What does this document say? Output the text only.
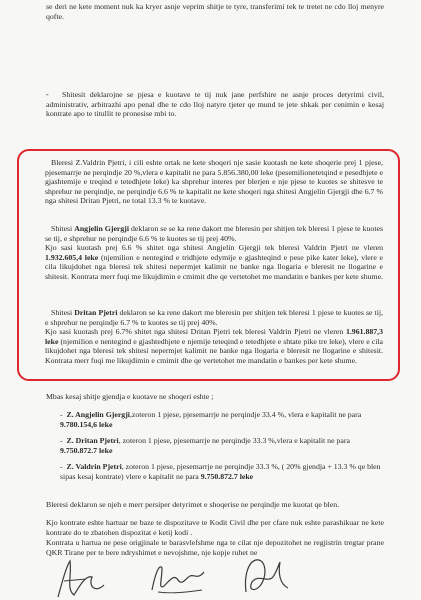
se deri ne kete moment nuk ka kryer asnje veprim shitje te tyre, transferimi tek te tretet ne cdo lloj menyre qofte.

-	Shitesit deklarojne se pjesa e kuotave te tij nuk jane perfshire ne asnje proces detyrimi civil, administrativ, arbitrazhi apo penal dhe te cdo lloj natyre tjeter qe mund te jete shkak per cenimin e kesaj kontrate apo te titullit te pronesise mbi to.

Bleresi Z.Valdrin Pjetri, i cili eshte ortak ne kete shoqeri nje sasie kuotash ne kete shoqerie prej 1 pjese, pjesemarrje ne perqindje 20 %,vlera e kapitalit ne para 5.856.380,00 leke (pesemilionetetqind e pesedhjete e gjashtemije e treqind e tetedhjete leke) ka shprehur interes per blerjen e nje pjese te kuotes se shitesve te shprehur ne perqindje, ne perqindje 6.6 % te kapitalit ne kete shoqeri nga shitesi Angjelin Gjergji dhe 6.7 % nga shitesi Dritan Pjetri, ne total 13.3 % te kuotave.

Shitesi Angjelin Gjergji deklaron se se ka rene dakort me bleresin per shitjen tek bleresi 1 pjese te kuotes se tij, e shprehur ne perqindje 6.6 % te kuotes se tij prej 40%.
Kjo sasi kuotash prej 6.6 % shitet nga shitesi Angjelin Gjergji tek bleresi Valdrin Pjetri ne vleren 1.932.605,4 leke (njemilion e nentegind e tridhjete edymije e gjashteqind e pese pike kater leke), vlere e cila likujdohet nga bleresi tek shitesi nepermjet kalimit ne banke nga llogaria e bleresit ne llogarine e shitesit. Kontrata merr fuqi me likujdimin e cmimit dhe qe vertetohet me mandatin e bankes per kete shume.

Shitesi Dritan Pjetri deklaron se ka rene dakort me bleresin per shitjen tek bleresi 1 pjese te kuotes se tij, e shprehur ne perqindje 6.7 % te kuotes se tij prej 40%.
Kjo sasi kuotash prej 6.7% shitet nga shitesi Dritan Pjetri tek bleresi Valdrin Pjetri ne vleren 1.961.887,3 leke (njemilion e nentegind e gjashtedhjete e njemije teteqind e tetedhjete e shtate pike tre leke), vlere e cila likujdohet nga bleresi tek shitesi nepermjet kalimit ne banke nga llogaria e bleresit ne llogarine e shitesit. Kontrata merr fuqi me likujdimin e cmimit dhe qe vertetohet me mandatin e bankes per kete shume.

Mbas kesaj shitje gjendja e kuotave ne shoqeri eshte ;

-  Z. Angjelin Gjergji,zoteron 1 pjese, pjesemarrje ne perqindje 33.4 %, vlera e kapitalit ne para 9.780.154,6 leke
-  Z. Dritan Pjetri, zoteron 1 pjese, pjesemarrje ne perqindje 33.3 %,vlera e kapitalit ne para 9.750.872.7 leke
-  Z. Valdrin Pjetri, zoteron 1 pjese, pjesemarrje ne perqindje 33.3 %, ( 20% gjendja + 13.3 % qe blen sipas kesaj kontrate) vlere e kapitalit ne para 9.750.872.7 leke

Bleresi deklaron se njeh e merr persiper detyrimet e shoqerise ne perqindje me kuotat qe blen.

Kjo kontrate eshte hartuar ne baze te dispozitave te Kodit Civil dhe per cfare nuk eshte parashikuar ne kete kontrate do te zbatohen dispozitat e ketij kodi .

Kontrata u hartua ne pese origjinale te barasvlefshme nga te cilat nje depozitohet ne regjistrin tregtar prane QKR Tirane per te bere ndryshimet e nevojshme, nje kopje ruhet ne
